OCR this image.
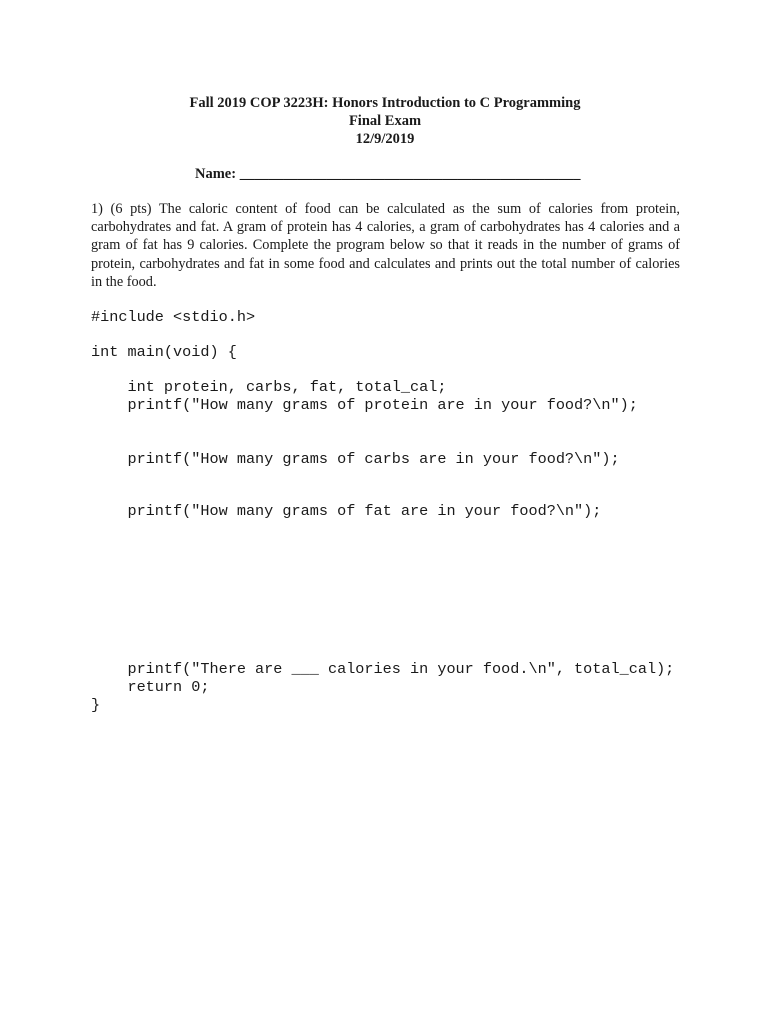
Fall 2019 COP 3223H: Honors Introduction to C Programming
Final Exam
12/9/2019
Name: _______________________________________________
1) (6 pts) The caloric content of food can be calculated as the sum of calories from protein, carbohydrates and fat. A gram of protein has 4 calories, a gram of carbohydrates has 4 calories and a gram of fat has 9 calories. Complete the program below so that it reads in the number of grams of protein, carbohydrates and fat in some food and calculates and prints out the total number of calories in the food.
#include <stdio.h>
int main(void) {
int protein, carbs, fat, total_cal;
printf("How many grams of protein are in your food?\n");
printf("How many grams of carbs are in your food?\n");
printf("How many grams of fat are in your food?\n");
printf("There are ___ calories in your food.\n", total_cal);
return 0;
}
